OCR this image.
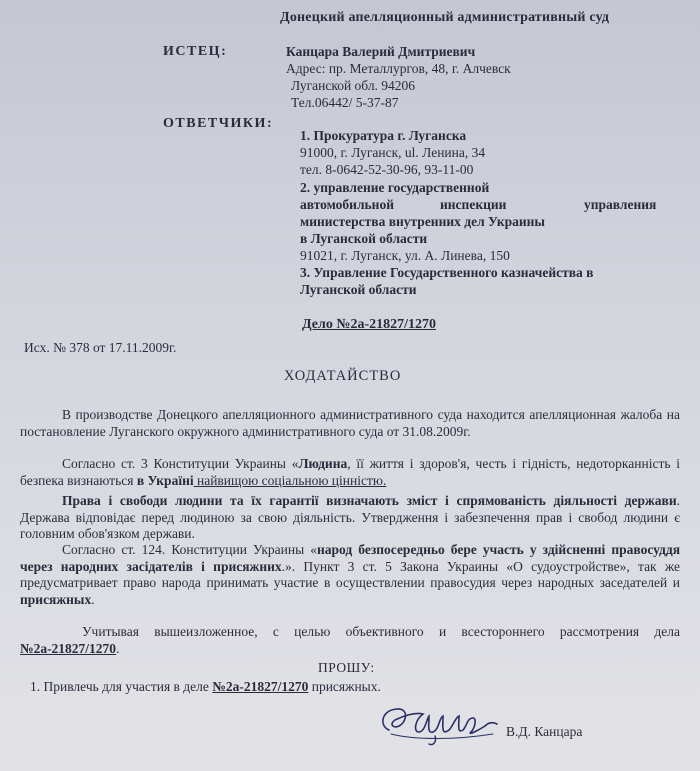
Донецкий апелляционный административный суд
ИСТЕЦ:	Канцара Валерий Дмитриевич
Адрес: пр. Металлургов, 48, г. Алчевск
Луганской обл. 94206
Тел.06442/ 5-37-87
ОТВЕТЧИКИ:
1. Прокуратура г. Луганска
91000, г. Луганск, ul. Ленина, 34
тел. 8-0642-52-30-96, 93-11-00
2. управление государственной
автомобильной	инспекции	управления
министерства внутренних дел Украины
в Луганской области
91021, г. Луганск, ул. А. Линева, 150
3. Управление Государственного казначейства в
Луганской области
Дело №2а-21827/1270
Исх. № 378 от 17.11.2009г.
ХОДАТАЙСТВО
В производстве Донецкого апелляционного административного суда находится апелляционная жалоба на постановление Луганского окружного административного суда от 31.08.2009г.
Согласно ст. 3 Конституции Украины «Людина, її життя і здоров'я, честь і гідність, недоторканність і безпека визнаються в Україні найвищою соціальною цінністю.
Права і свободи людини та їх гарантії визначають зміст і спрямованість діяльності держави. Держава відповідає перед людиною за свою діяльність. Утвердження і забезпечення прав і свобод людини є головним обов'язком держави.
Согласно ст. 124. Конституции Украины «народ безпосередньо бере участь у здійсненні правосуддя через народних засідателів і присяжних.». Пункт 3 ст. 5 Закона Украины «О судоустройстве», так же предусматривает право народа принимать участие в осуществлении правосудия через народных заседателей и присяжных.
Учитывая вышеизложенное, с целью объективного и всестороннего рассмотрения дела №2а-21827/1270.
ПРОШУ:
1. Привлечь для участия в деле №2а-21827/1270 присяжных.
В.Д. Канцара
